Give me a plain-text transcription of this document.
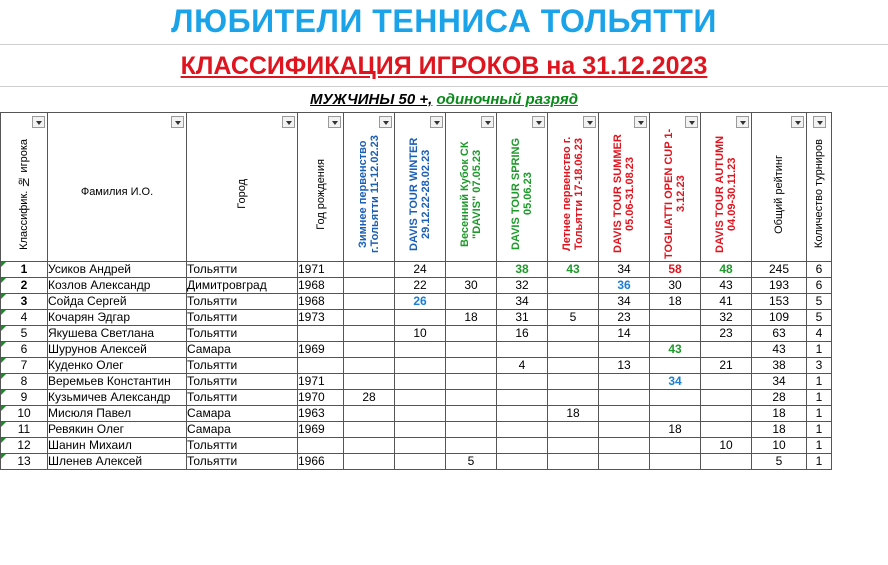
ЛЮБИТЕЛИ ТЕННИСА ТОЛЬЯТТИ
КЛАССИФИКАЦИЯ ИГРОКОВ на 31.12.2023
МУЖЧИНЫ 50 +, одиночный разряд
Классифик. № игрока	Фамилия И.О.	Город	Год рождения	Зимнее первенство г.Тольятти 11-12.02.23	DAVIS TOUR WINTER 29.12.22-28.02.23	Весенний Кубок СК "DAVIS" 07.05.23	DAVIS TOUR SPRING 05.06.23	Летнее первенство г. Тольятти 17-18.06.23	DAVIS TOUR SUMMER 05.06-31.08.23	TOGLIATTI OPEN CUP 1-3.12.23	DAVIS TOUR AUTUMN 04.09-30.11.23	Общий рейтинг	Количество турниров	

1	Усиков Андрей	Тольятти	1971		24		38	43	34	58	48	245	6	
2	Козлов Александр	Димитровград	1968		22	30	32		36	30	43	193	6	
3	Сойда Сергей	Тольятти	1968		26		34		34	18	41	153	5	
4	Кочарян Эдгар	Тольятти	1973			18	31	5	23		32	109	5	
5	Якушева Светлана	Тольятти			10		16		14		23	63	4	
6	Шурунов Алексей	Самара	1969							43		43	1	
7	Куденко Олег	Тольятти					4		13		21	38	3	
8	Веремьев Константин	Тольятти	1971							34		34	1	
9	Кузьмичев Александр	Тольятти	1970	28								28	1	
10	Мисюля Павел	Самара	1963					18				18	1	
11	Ревякин Олег	Самара	1969							18		18	1	
12	Шанин Михаил	Тольятти									10	10	1	
13	Шленев Алексей	Тольятти	1966			5						5	1	
